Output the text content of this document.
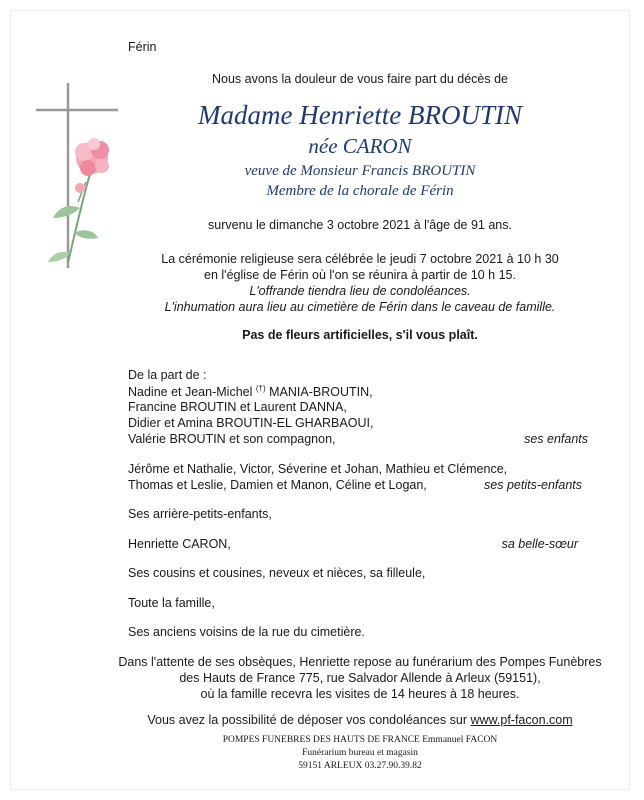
Férin
Nous avons la douleur de vous faire part du décès de
Madame Henriette BROUTIN
née CARON
veuve de Monsieur Francis BROUTIN
Membre de la chorale de Férin
survenu le dimanche 3 octobre 2021 à l'âge de 91 ans.
La cérémonie religieuse sera célébrée le jeudi 7 octobre 2021 à 10 h 30
en l'église de Férin où l'on se réunira à partir de 10 h 15.
L'offrande tiendra lieu de condoléances.
L'inhumation aura lieu au cimetière de Férin dans le caveau de famille.
Pas de fleurs artificielles, s'il vous plaît.
De la part de :
Nadine et Jean-Michel (†) MANIA-BROUTIN,
Francine BROUTIN et Laurent DANNA,
Didier et Amina BROUTIN-EL GHARBAOUI,
Valérie BROUTIN et son compagnon,	ses enfants
Jérôme et Nathalie, Victor, Séverine et Johan, Mathieu et Clémence,
Thomas et Leslie, Damien et Manon, Céline et Logan,	ses petits-enfants
Ses arrière-petits-enfants,
Henriette CARON,	sa belle-sœur
Ses cousins et cousines, neveux et nièces, sa filleule,
Toute la famille,
Ses anciens voisins de la rue du cimetière.
Dans l'attente de ses obsèques, Henriette repose au funérarium des Pompes Funèbres
des Hauts de France 775, rue Salvador Allende à Arleux (59151),
où la famille recevra les visites de 14 heures à 18 heures.
Vous avez la possibilité de déposer vos condoléances sur www.pf-facon.com
POMPES FUNEBRES DES HAUTS DE FRANCE Emmanuel FACON
Funérarium bureau et magasin
59151 ARLEUX 03.27.90.39.82
